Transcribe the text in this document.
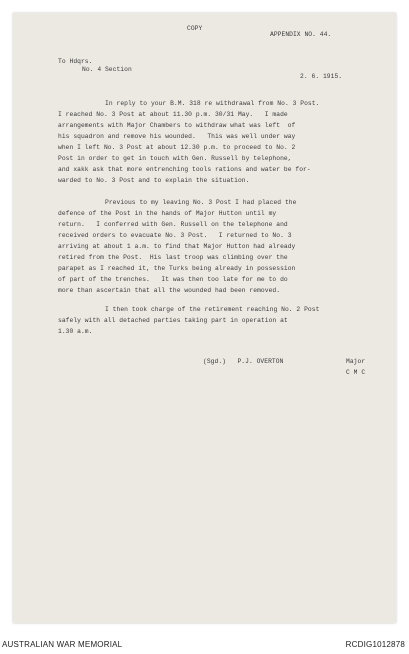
COPY
APPENDIX NO. 44.
To Hdqrs.
No. 4 Section
2. 6. 1915.
In reply to your B.M. 318 re withdrawal from No. 3 Post.
I reached No. 3 Post at about 11.30 p.m. 30/31 May.   I made
arrangements with Major Chambers to withdraw what was left  of
his squadron and remove his wounded.   This was well under way
when I left No. 3 Post at about 12.30 p.m. to proceed to No. 2
Post in order to get in touch with Gen. Russell by telephone,
and xakk ask that more entrenching tools rations and water be for-
warded to No. 3 Post and to explain the situation.
Previous to my leaving No. 3 Post I had placed the
defence of the Post in the hands of Major Hutton until my
return.   I conferred with Gen. Russell on the telephone and
received orders to evacuate No. 3 Post.   I returned to No. 3
arriving at about 1 a.m. to find that Major Hutton had already
retired from the Post.  His last troop was climbing over the
parapet as I reached it, the Turks being already in possession
of part of the trenches.   It was then too late for me to do
more than ascertain that all the wounded had been removed.
I then took charge of the retirement reaching No. 2 Post
safely with all detached parties taking part in operation at
1.30 a.m.
(Sgd.)   P.J. OVERTON	Major
C M C
AUSTRALIAN WAR MEMORIAL	RCDIG1012878
